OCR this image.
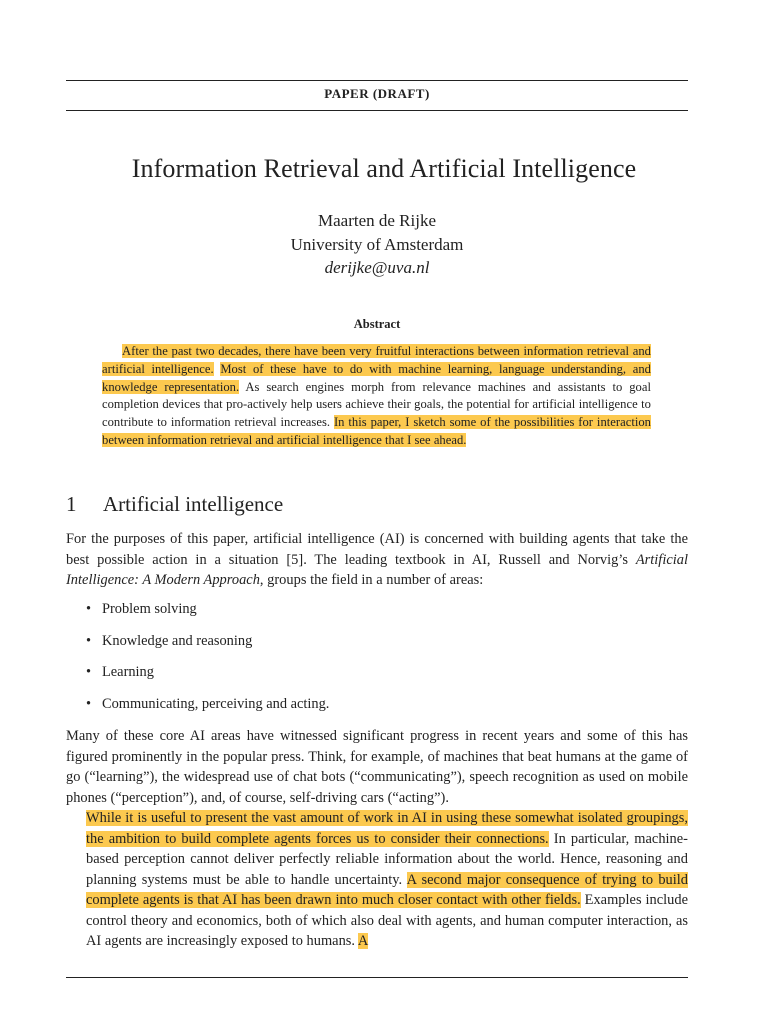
PAPER (DRAFT)
Information Retrieval and Artificial Intelligence
Maarten de Rijke
University of Amsterdam
derijke@uva.nl
Abstract
After the past two decades, there have been very fruitful interactions between information retrieval and artificial intelligence. Most of these have to do with machine learning, language understanding, and knowledge representation. As search engines morph from relevance machines and assistants to goal completion devices that pro-actively help users achieve their goals, the potential for artificial intelligence to contribute to information retrieval increases. In this paper, I sketch some of the possibilities for interaction between information retrieval and artificial intelligence that I see ahead.
1 Artificial intelligence
For the purposes of this paper, artificial intelligence (AI) is concerned with building agents that take the best possible action in a situation [5]. The leading textbook in AI, Russell and Norvig’s Artificial Intelligence: A Modern Approach, groups the field in a number of areas:
• Problem solving
• Knowledge and reasoning
• Learning
• Communicating, perceiving and acting.
Many of these core AI areas have witnessed significant progress in recent years and some of this has figured prominently in the popular press. Think, for example, of machines that beat humans at the game of go (“learning”), the widespread use of chat bots (“communicating”), speech recognition as used on mobile phones (“perception”), and, of course, self-driving cars (“acting”).
While it is useful to present the vast amount of work in AI in using these somewhat isolated groupings, the ambition to build complete agents forces us to consider their connections. In particular, machine-based perception cannot deliver perfectly reliable information about the world. Hence, reasoning and planning systems must be able to handle uncertainty. A second major consequence of trying to build complete agents is that AI has been drawn into much closer contact with other fields. Examples include control theory and economics, both of which also deal with agents, and human computer interaction, as AI agents are increasingly exposed to humans. A
